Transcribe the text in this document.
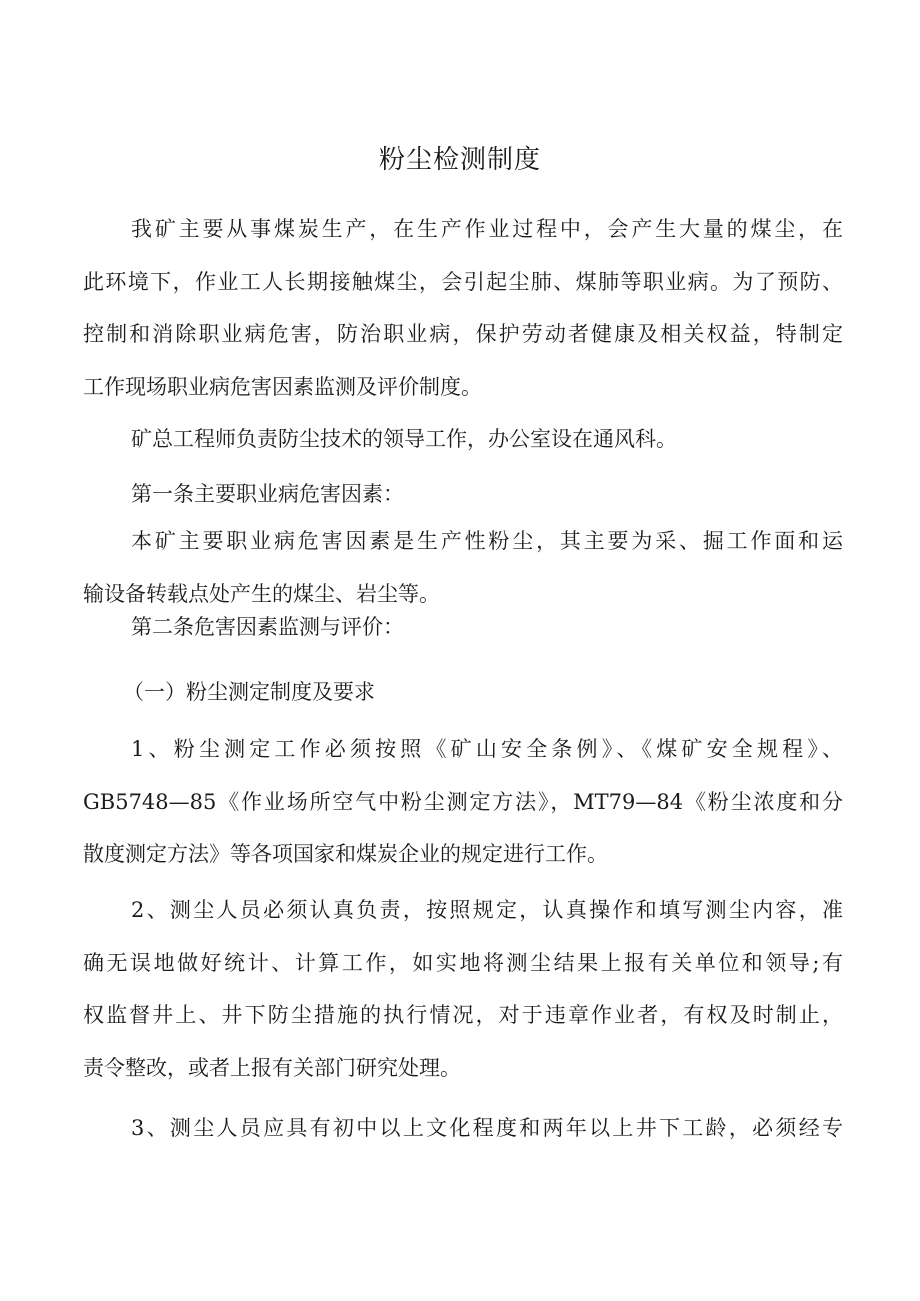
粉尘检测制度
我矿主要从事煤炭生产，在生产作业过程中，会产生大量的煤尘，在
此环境下，作业工人长期接触煤尘，会引起尘肺、煤肺等职业病。为了预防、
控制和消除职业病危害，防治职业病，保护劳动者健康及相关权益，特制定
工作现场职业病危害因素监测及评价制度。
矿总工程师负责防尘技术的领导工作，办公室设在通风科。
第一条主要职业病危害因素：
本矿主要职业病危害因素是生产性粉尘，其主要为采、掘工作面和运
输设备转载点处产生的煤尘、岩尘等。
第二条危害因素监测与评价：
（一）粉尘测定制度及要求
1、粉尘测定工作必须按照《矿山安全条例》、《煤矿安全规程》、
GB5748—85《作业场所空气中粉尘测定方法》，MT79—84《粉尘浓度和分
散度测定方法》等各项国家和煤炭企业的规定进行工作。
2、测尘人员必须认真负责，按照规定，认真操作和填写测尘内容，准
确无误地做好统计、计算工作，如实地将测尘结果上报有关单位和领导;有
权监督井上、井下防尘措施的执行情况，对于违章作业者，有权及时制止，
责令整改，或者上报有关部门研究处理。
3、测尘人员应具有初中以上文化程度和两年以上井下工龄，必须经专
